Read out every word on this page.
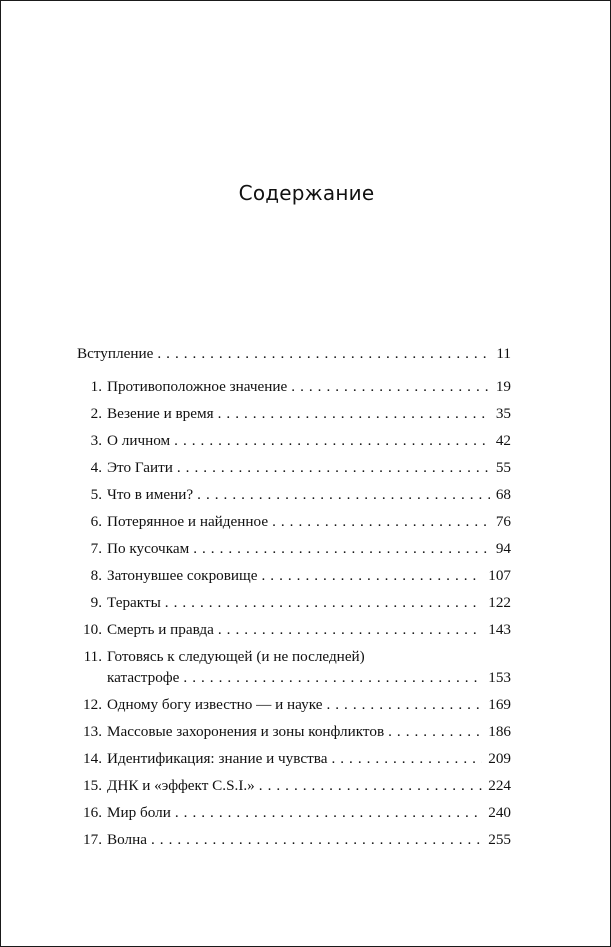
Содержание
Вступление . . .	11
1. Противоположное значение . . .	19
2. Везение и время . . .	35
3. О личном . . .	42
4. Это Гаити . . .	55
5. Что в имени? . . .	68
6. Потерянное и найденное . . .	76
7. По кусочкам . . .	94
8. Затонувшее сокровище . . .	107
9. Теракты . . .	122
10. Смерть и правда . . .	143
11. Готовясь к следующей (и не последней)
катастрофе . . .	153
12. Одному богу известно — и науке . . .	169
13. Массовые захоронения и зоны конфликтов . . .	186
14. Идентификация: знание и чувства . . .	209
15. ДНК и «эффект C.S.I.» . . .	224
16. Мир боли . . .	240
17. Волна . . .	255
